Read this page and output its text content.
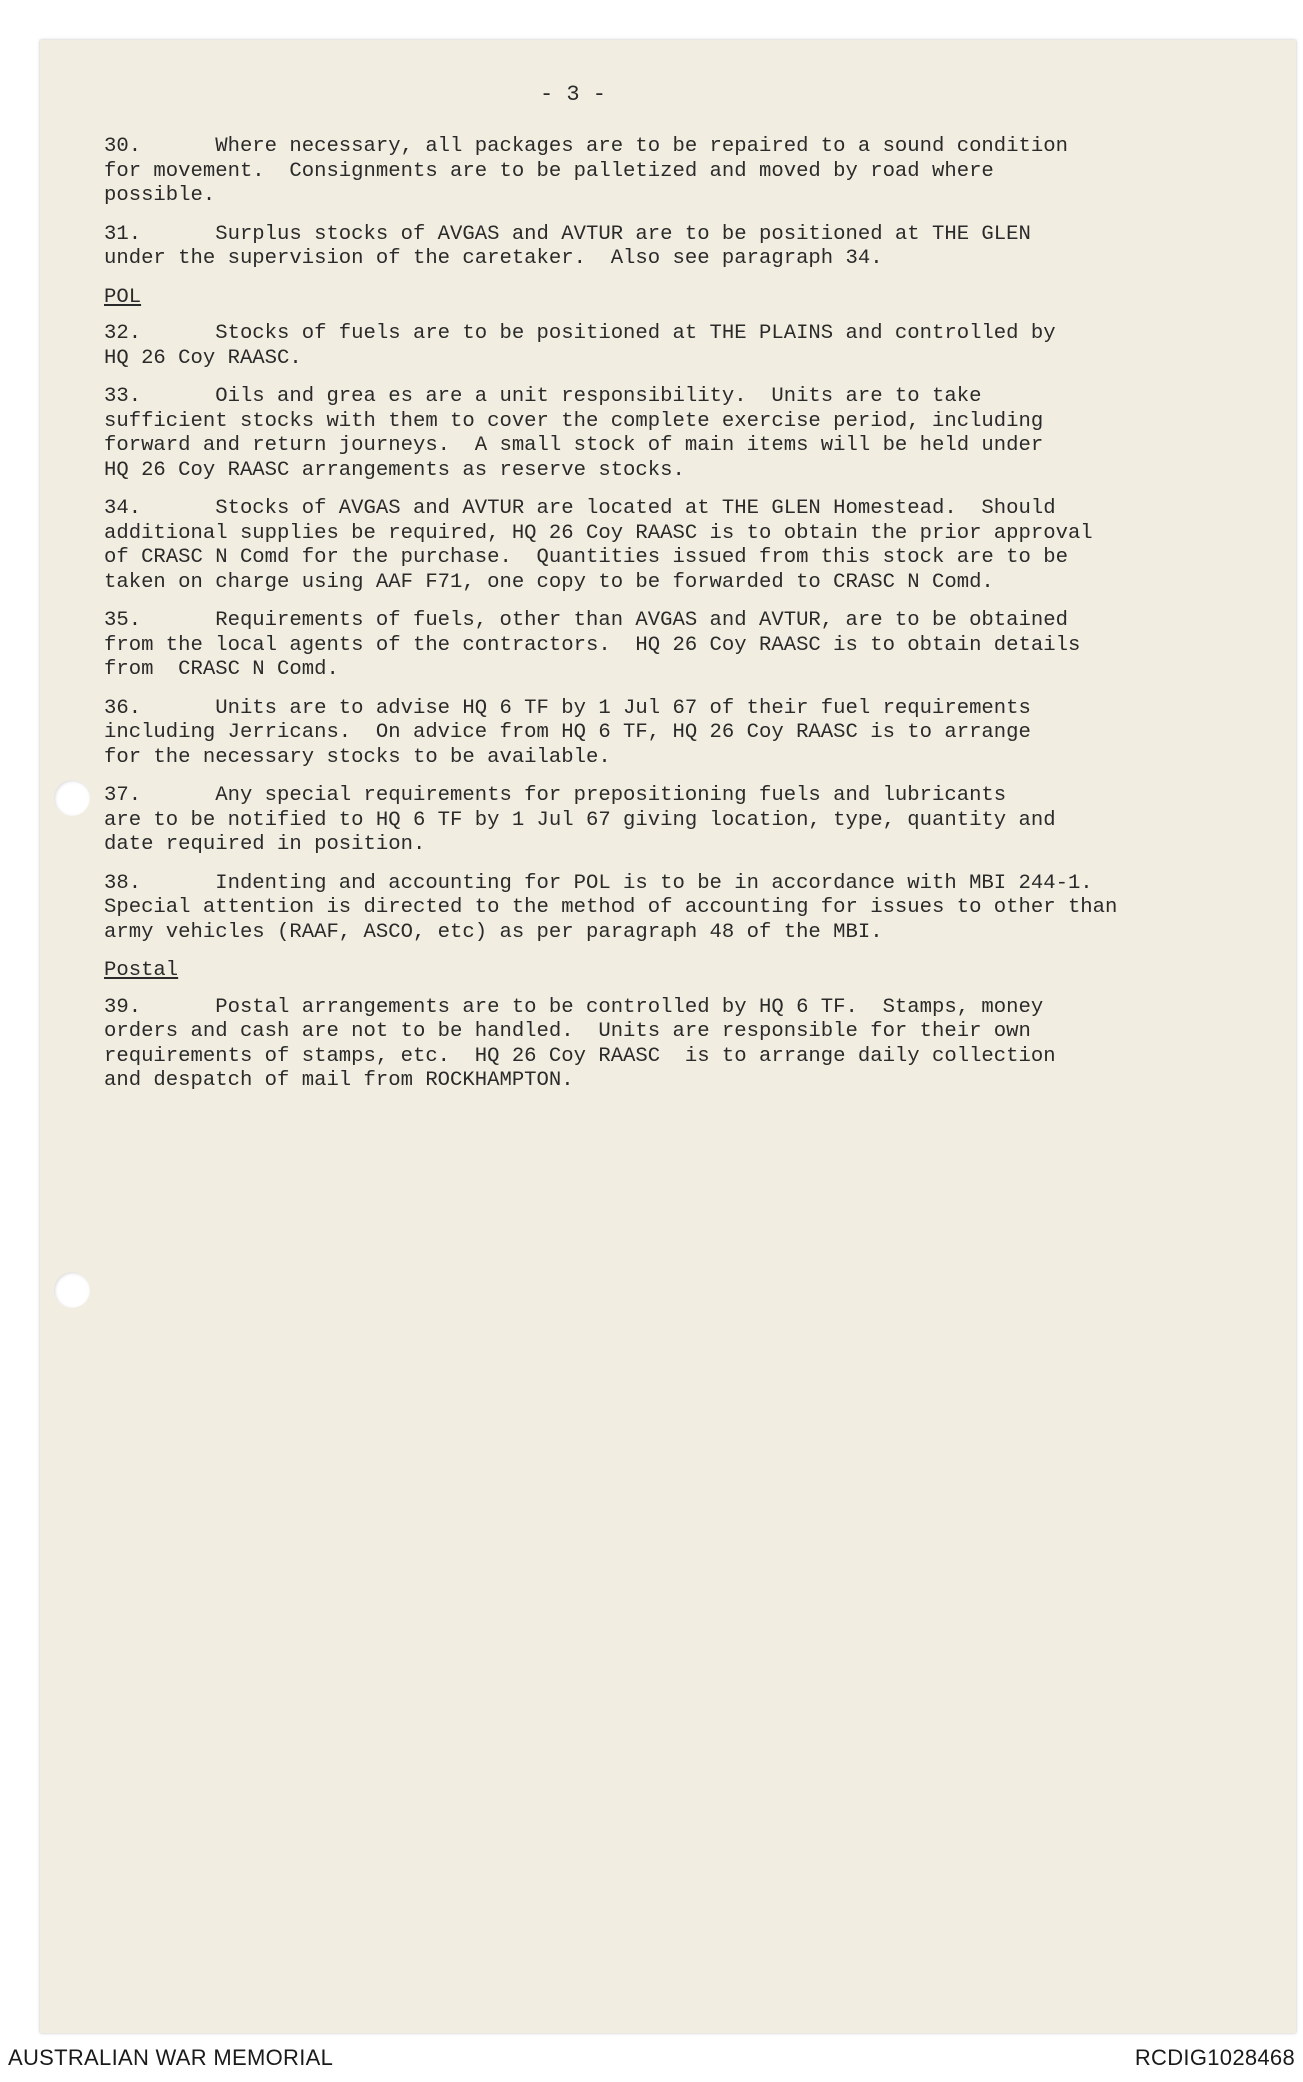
- 3 -
30.      Where necessary, all packages are to be repaired to a sound condition
for movement.  Consignments are to be palletized and moved by road where
possible.
31.      Surplus stocks of AVGAS and AVTUR are to be positioned at THE GLEN
under the supervision of the caretaker.  Also see paragraph 34.
POL
32.      Stocks of fuels are to be positioned at THE PLAINS and controlled by
HQ 26 Coy RAASC.
33.      Oils and grea es are a unit responsibility.  Units are to take
sufficient stocks with them to cover the complete exercise period, including
forward and return journeys.  A small stock of main items will be held under
HQ 26 Coy RAASC arrangements as reserve stocks.
34.      Stocks of AVGAS and AVTUR are located at THE GLEN Homestead.  Should
additional supplies be required, HQ 26 Coy RAASC is to obtain the prior approval
of CRASC N Comd for the purchase.  Quantities issued from this stock are to be
taken on charge using AAF F71, one copy to be forwarded to CRASC N Comd.
35.      Requirements of fuels, other than AVGAS and AVTUR, are to be obtained
from the local agents of the contractors.  HQ 26 Coy RAASC is to obtain details
from  CRASC N Comd.
36.      Units are to advise HQ 6 TF by 1 Jul 67 of their fuel requirements
including Jerricans.  On advice from HQ 6 TF, HQ 26 Coy RAASC is to arrange
for the necessary stocks to be available.
37.      Any special requirements for prepositioning fuels and lubricants
are to be notified to HQ 6 TF by 1 Jul 67 giving location, type, quantity and
date required in position.
38.      Indenting and accounting for POL is to be in accordance with MBI 244-1.
Special attention is directed to the method of accounting for issues to other than
army vehicles (RAAF, ASCO, etc) as per paragraph 48 of the MBI.
Postal
39.      Postal arrangements are to be controlled by HQ 6 TF.  Stamps, money
orders and cash are not to be handled.  Units are responsible for their own
requirements of stamps, etc.  HQ 26 Coy RAASC  is to arrange daily collection
and despatch of mail from ROCKHAMPTON.
AUSTRALIAN WAR MEMORIAL	RCDIG1028468
